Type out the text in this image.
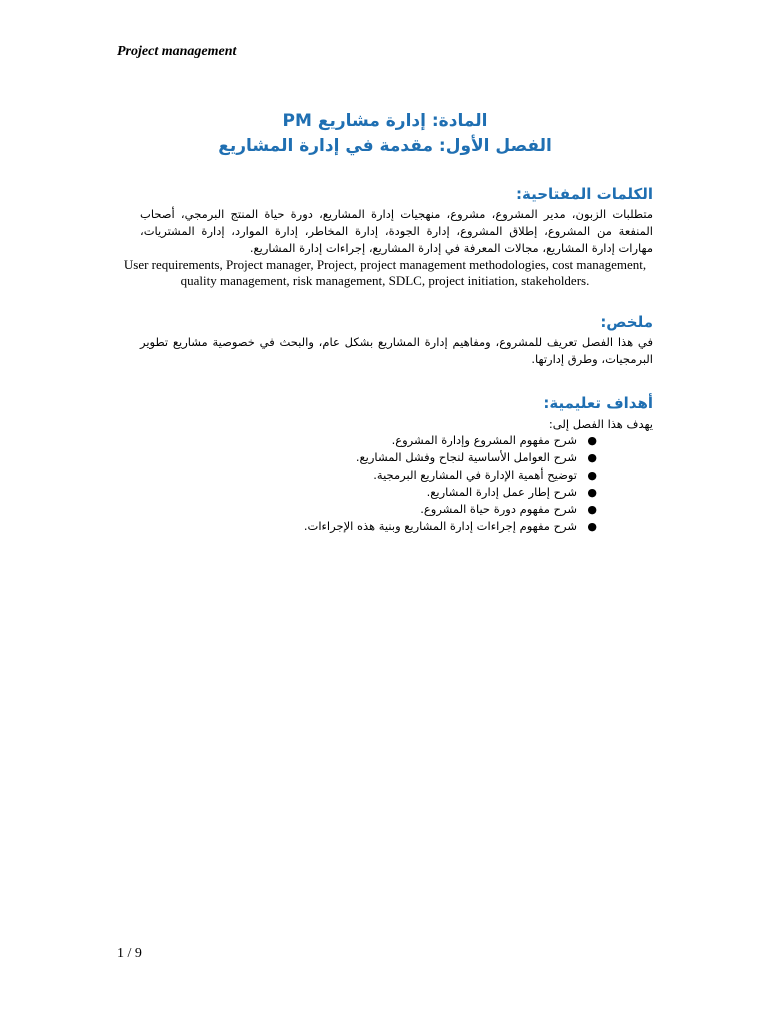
Project management
المادة: إدارة مشاريع PM
الفصل الأول: مقدمة في إدارة المشاريع
الكلمات المفتاحية:
متطلبات الزبون، مدير المشروع، مشروع، منهجيات إدارة المشاريع، دورة حياة المنتج البرمجي، أصحاب المنفعة من المشروع، إطلاق المشروع، إدارة الجودة، إدارة المخاطر، إدارة الموارد، إدارة المشتريات، مهارات إدارة المشاريع، مجالات المعرفة في إدارة المشاريع، إجراءات إدارة المشاريع.
User requirements, Project manager, Project, project management methodologies, cost management, quality management, risk management, SDLC, project initiation, stakeholders.
ملخص:
في هذا الفصل تعريف للمشروع، ومفاهيم إدارة المشاريع بشكل عام، والبحث في خصوصية مشاريع تطوير البرمجيات، وطرق إدارتها.
أهداف تعليمية:
يهدف هذا الفصل إلى:
●
شرح مفهوم المشروع وإدارة المشروع.
●
شرح العوامل الأساسية لنجاح وفشل المشاريع.
●
توضيح أهمية الإدارة في المشاريع البرمجية.
●
شرح إطار عمل إدارة المشاريع.
●
شرح مفهوم دورة حياة المشروع.
●
شرح مفهوم إجراءات إدارة المشاريع وبنية هذه الإجراءات.
1 / 9
